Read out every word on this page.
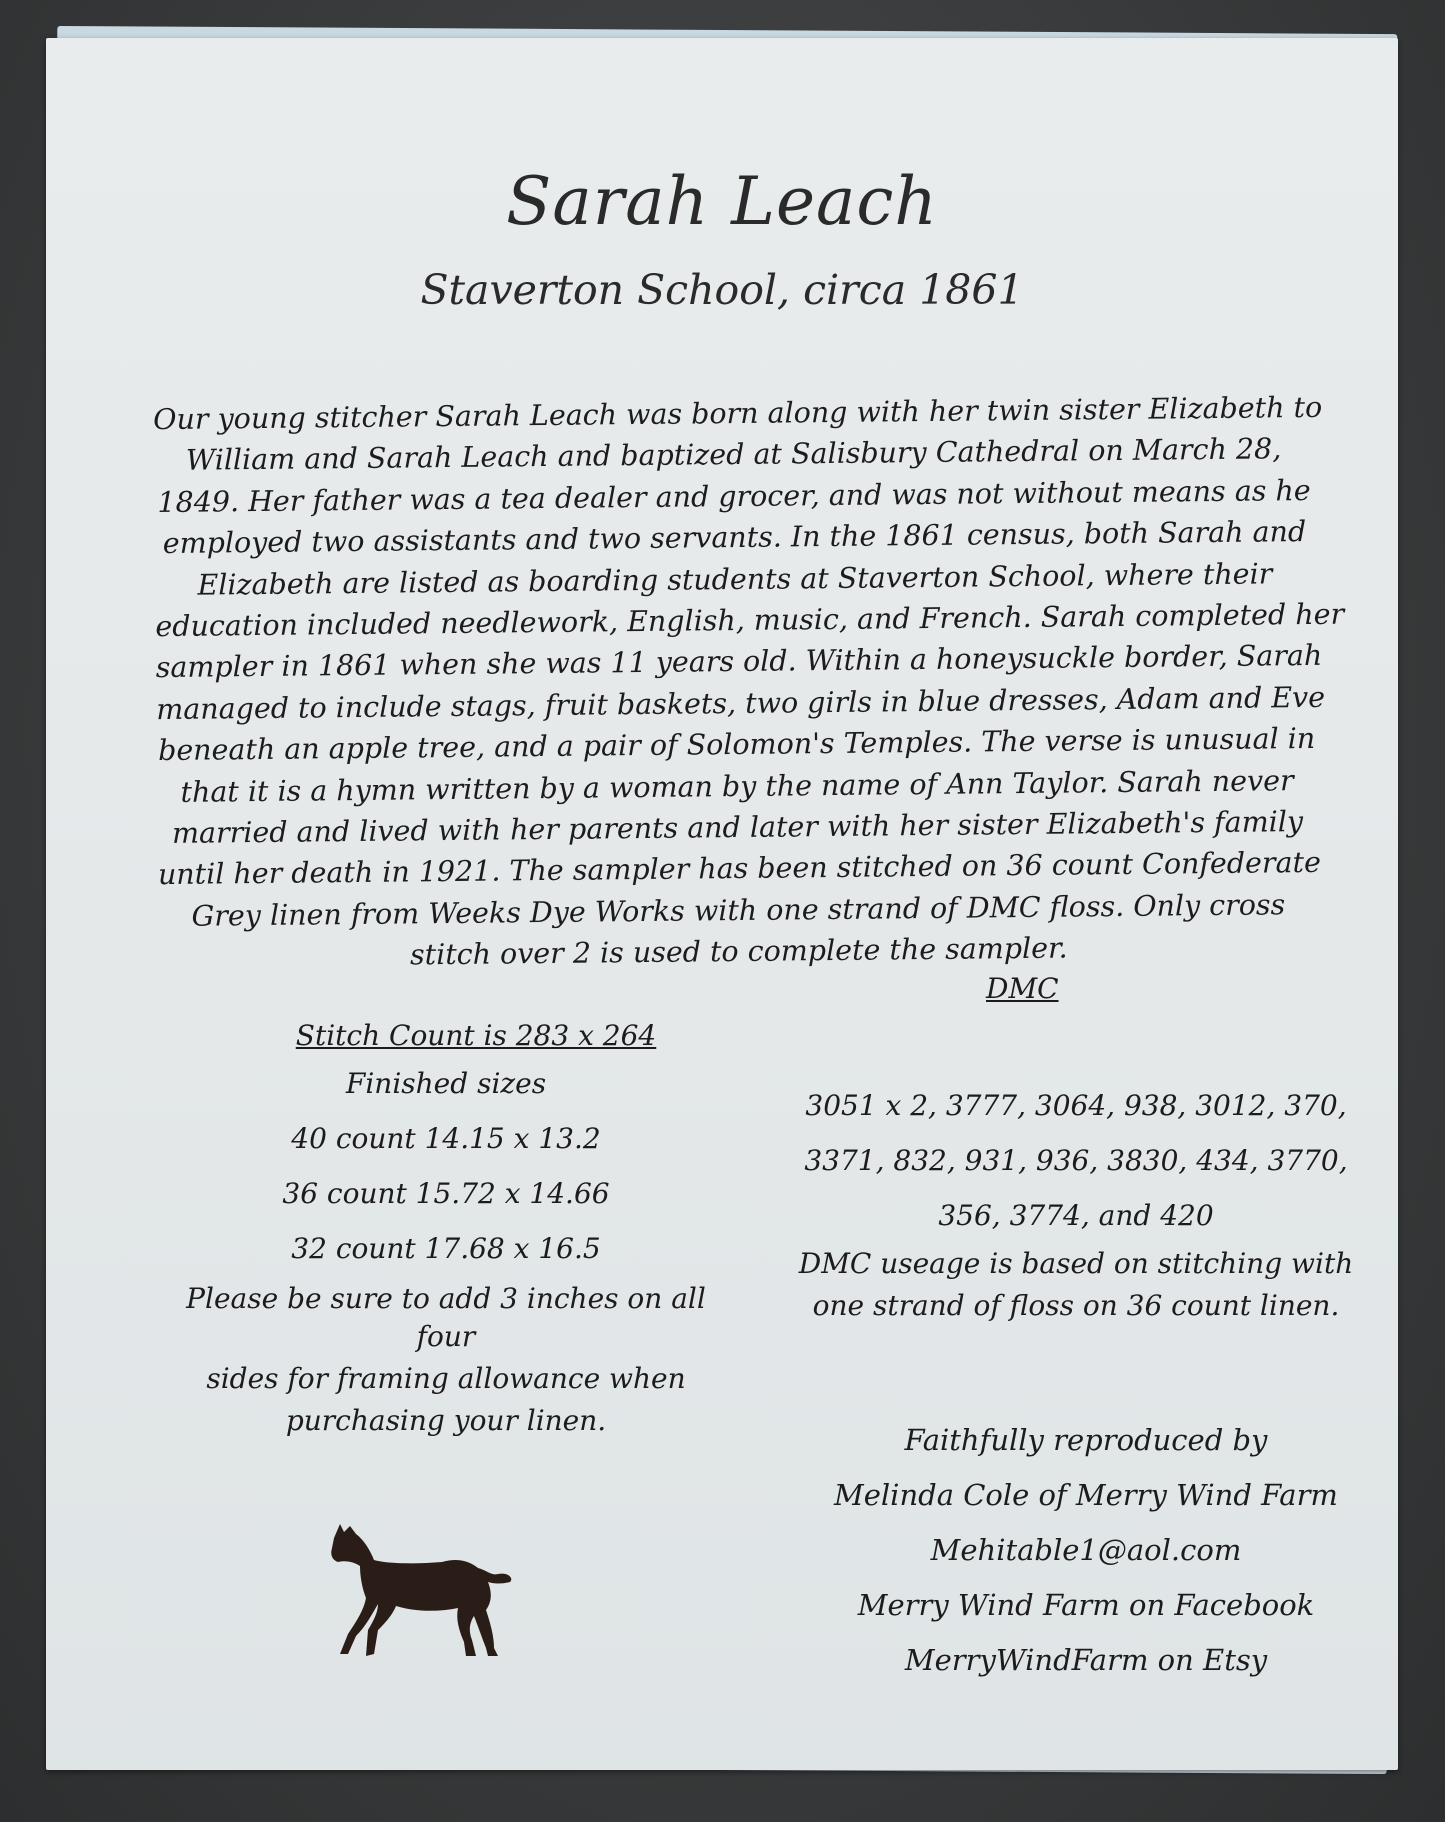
Sarah Leach
Staverton School, circa 1861
Our young stitcher Sarah Leach was born along with her twin sister Elizabeth to
William and Sarah Leach and baptized at Salisbury Cathedral on March 28,
1849. Her father was a tea dealer and grocer, and was not without means as he
employed two assistants and two servants. In the 1861 census, both Sarah and
Elizabeth are listed as boarding students at Staverton School, where their
education included needlework, English, music, and French. Sarah completed her
sampler in 1861 when she was 11 years old. Within a honeysuckle border, Sarah
managed to include stags, fruit baskets, two girls in blue dresses, Adam and Eve
beneath an apple tree, and a pair of Solomon's Temples. The verse is unusual in
that it is a hymn written by a woman by the name of Ann Taylor. Sarah never
married and lived with her parents and later with her sister Elizabeth's family
until her death in 1921. The sampler has been stitched on 36 count Confederate
Grey linen from Weeks Dye Works with one strand of DMC floss. Only cross
stitch over 2 is used to complete the sampler.
DMC
Stitch Count is 283 x 264
Finished sizes
40 count 14.15 x 13.2
36 count 15.72 x 14.66
32 count 17.68 x 16.5
Please be sure to add 3 inches on all four
sides for framing allowance when
purchasing your linen.
3051 x 2, 3777, 3064, 938, 3012, 370,
3371, 832, 931, 936, 3830, 434, 3770,
356, 3774, and 420
DMC useage is based on stitching with
one strand of floss on 36 count linen.
Faithfully reproduced by
Melinda Cole of Merry Wind Farm
Mehitable1@aol.com
Merry Wind Farm on Facebook
MerryWindFarm on Etsy
